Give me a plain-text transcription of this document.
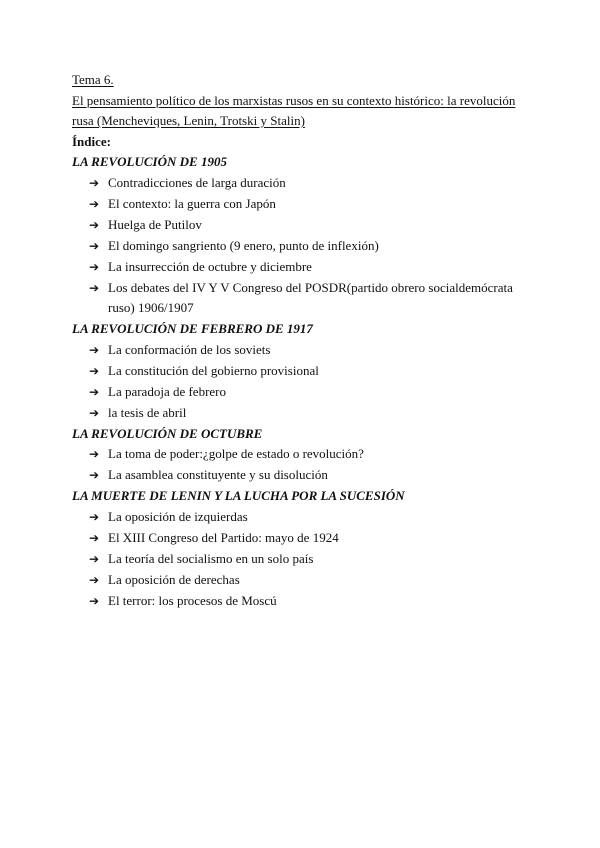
Tema 6.
El pensamiento político de los marxistas rusos en su contexto histórico: la revolución
rusa (Mencheviques, Lenin, Trotski y Stalin)
Índice:
LA REVOLUCIÓN DE 1905
➔ Contradicciones de larga duración
➔ El contexto: la guerra con Japón
➔ Huelga de Putilov
➔ El domingo sangriento (9 enero, punto de inflexión)
➔ La insurrección de octubre y diciembre
➔ Los debates del IV Y V Congreso del POSDR(partido obrero socialdemócrata ruso) 1906/1907
LA REVOLUCIÓN DE FEBRERO DE 1917
➔ La conformación de los soviets
➔ La constitución del gobierno provisional
➔ La paradoja de febrero
➔ la tesis de abril
LA REVOLUCIÓN DE OCTUBRE
➔ La toma de poder:¿golpe de estado o revolución?
➔ La asamblea constituyente y su disolución
LA MUERTE DE LENIN Y LA LUCHA POR LA SUCESIÓN
➔ La oposición de izquierdas
➔ El XIII Congreso del Partido: mayo de 1924
➔ La teoría del socialismo en un solo país
➔ La oposición de derechas
➔ El terror: los procesos de Moscú
